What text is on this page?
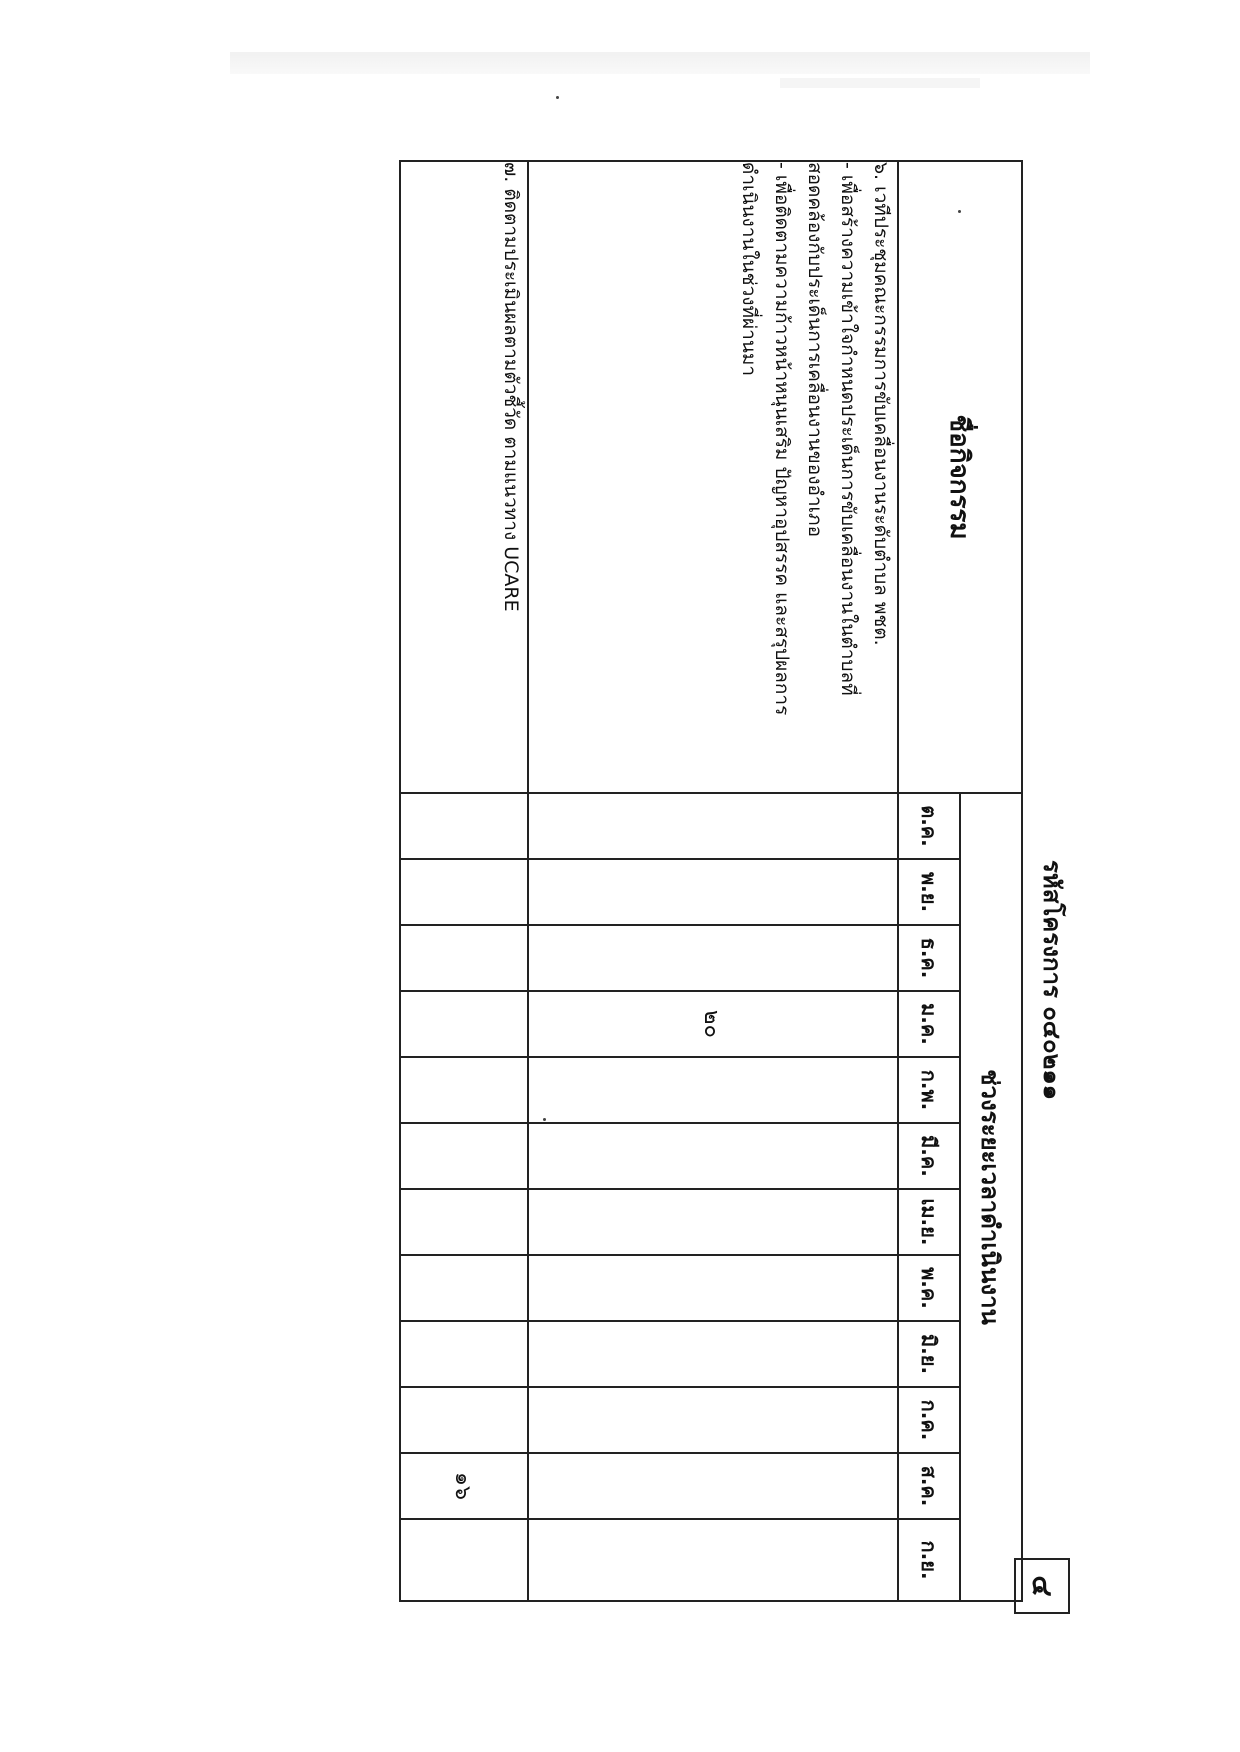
๔
รหัสโครงการ ๐๔๐๒๑๑
ชื่อกิจกรรม	ช่วงระยะเวลาดำเนินงาน											
	ต.ค.	พ.ย.	ธ.ค.	ม.ค.	ก.พ.	มี.ค.	เม.ย.	พ.ค.	มิ.ย.	ก.ค.	ส.ค.	ก.ย.

๖. เวทีประชุมคณะกรรมการขับเคลื่อนงานระดับตำบล พชต.
- เพื่อสร้างความเข้าใจกำหนดประเด็นการขับเคลื่อนงานในตำบลที่
สอดคล้องกับประเด็นการเคลื่อนงานของอำเภอ
- เพื่อติดตามความก้าวหน้าหนุนเสริม ปัญหาอุปสรรค และสรุปผลการ
ดำเนินงานในช่วงที่ผ่านมา				๒๐								

๗. ติดตามประเมินผลตามตัวชี้วัด ตามแนวทาง UCARE											๑๖	
